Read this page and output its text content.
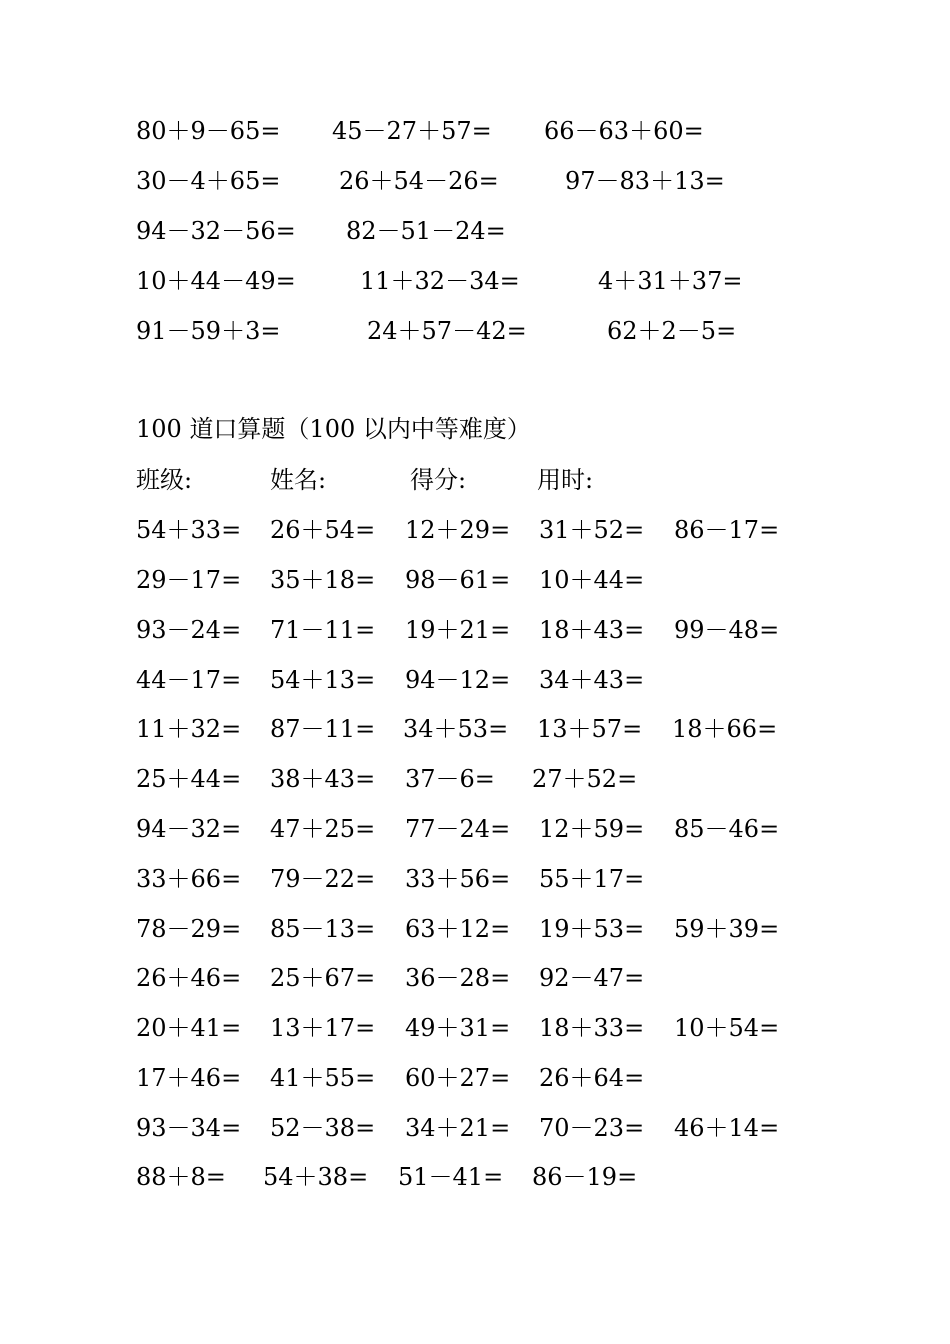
80＋9－65= 45－27＋57= 66－63＋60=
30－4＋65= 26＋54－26=	97－83＋13=
94－32－56= 82－51－24=
10＋44－49=	11＋32－34=	4＋31＋37=
91－59＋3=	24＋57－42=	62＋2－5=
100 道口算题（100 以内中等难度）
班级:	姓名:	得分:	用时:
54＋33= 26＋54= 12＋29= 31＋52= 86－17=
29－17= 35＋18= 98－61= 10＋44=
93－24= 71－11= 19＋21= 18＋43= 99－48=
44－17= 54＋13= 94－12= 34＋43=
11＋32= 87－11= 34＋53= 13＋57= 18＋66=
25＋44= 38＋43= 37－6= 27＋52=
94－32= 47＋25= 77－24= 12＋59= 85－46=
33＋66= 79－22= 33＋56= 55＋17=
78－29= 85－13= 63＋12= 19＋53= 59＋39=
26＋46= 25＋67= 36－28= 92－47=
20＋41= 13＋17= 49＋31= 18＋33= 10＋54=
17＋46= 41＋55= 60＋27= 26＋64=
93－34= 52－38= 34＋21= 70－23= 46＋14=
88＋8= 54＋38= 51－41= 86－19=
